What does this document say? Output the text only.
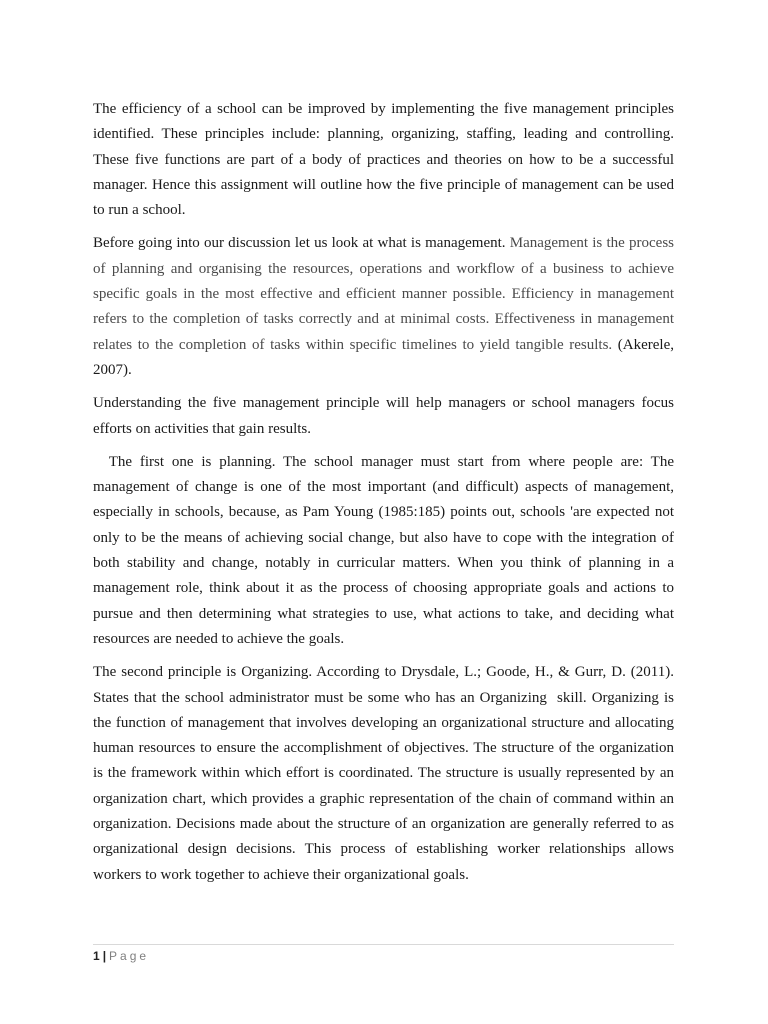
The efficiency of a school can be improved by implementing the five management principles identified. These principles include: planning, organizing, staffing, leading and controlling. These five functions are part of a body of practices and theories on how to be a successful manager. Hence this assignment will outline how the five principle of management can be used to run a school.

Before going into our discussion let us look at what is management. Management is the process of planning and organising the resources, operations and workflow of a business to achieve specific goals in the most effective and efficient manner possible. Efficiency in management refers to the completion of tasks correctly and at minimal costs. Effectiveness in management relates to the completion of tasks within specific timelines to yield tangible results. (Akerele, 2007).

Understanding the five management principle will help managers or school managers focus efforts on activities that gain results.

The first one is planning. The school manager must start from where people are: The management of change is one of the most important (and difficult) aspects of management, especially in schools, because, as Pam Young (1985:185) points out, schools 'are expected not only to be the means of achieving social change, but also have to cope with the integration of both stability and change, notably in curricular matters. When you think of planning in a management role, think about it as the process of choosing appropriate goals and actions to pursue and then determining what strategies to use, what actions to take, and deciding what resources are needed to achieve the goals.

The second principle is Organizing. According to Drysdale, L.; Goode, H., & Gurr, D. (2011). States that the school administrator must be some who has an Organizing  skill. Organizing is the function of management that involves developing an organizational structure and allocating human resources to ensure the accomplishment of objectives. The structure of the organization is the framework within which effort is coordinated. The structure is usually represented by an organization chart, which provides a graphic representation of the chain of command within an organization. Decisions made about the structure of an organization are generally referred to as organizational design decisions. This process of establishing worker relationships allows workers to work together to achieve their organizational goals.

1 | Page
